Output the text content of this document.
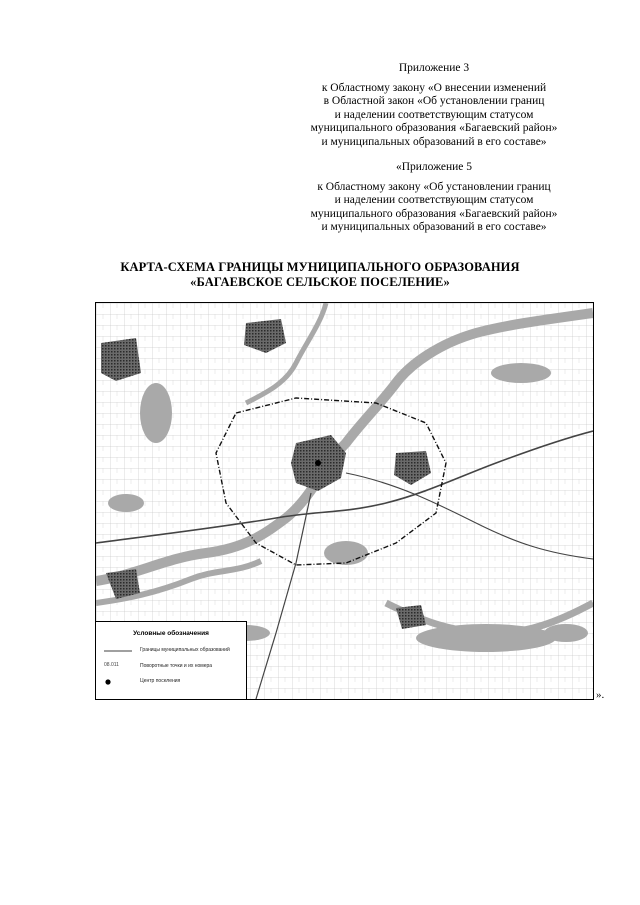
Приложение 3
к Областному закону «О внесении изменений
в Областной закон «Об установлении границ
и наделении соответствующим статусом
муниципального образования «Багаевский район»
и муниципальных образований в его составе»
«Приложение 5
к Областному закону «Об установлении границ
и наделении соответствующим статусом
муниципального образования «Багаевский район»
и муниципальных образований в его составе»
КАРТА-СХЕМА ГРАНИЦЫ МУНИЦИПАЛЬНОГО ОБРАЗОВАНИЯ
«БАГАЕВСКОЕ СЕЛЬСКОЕ ПОСЕЛЕНИЕ»
Условные обозначения
Границы муниципальных образований
08.011	Поворотные точки и их номера
Центр поселения
».
